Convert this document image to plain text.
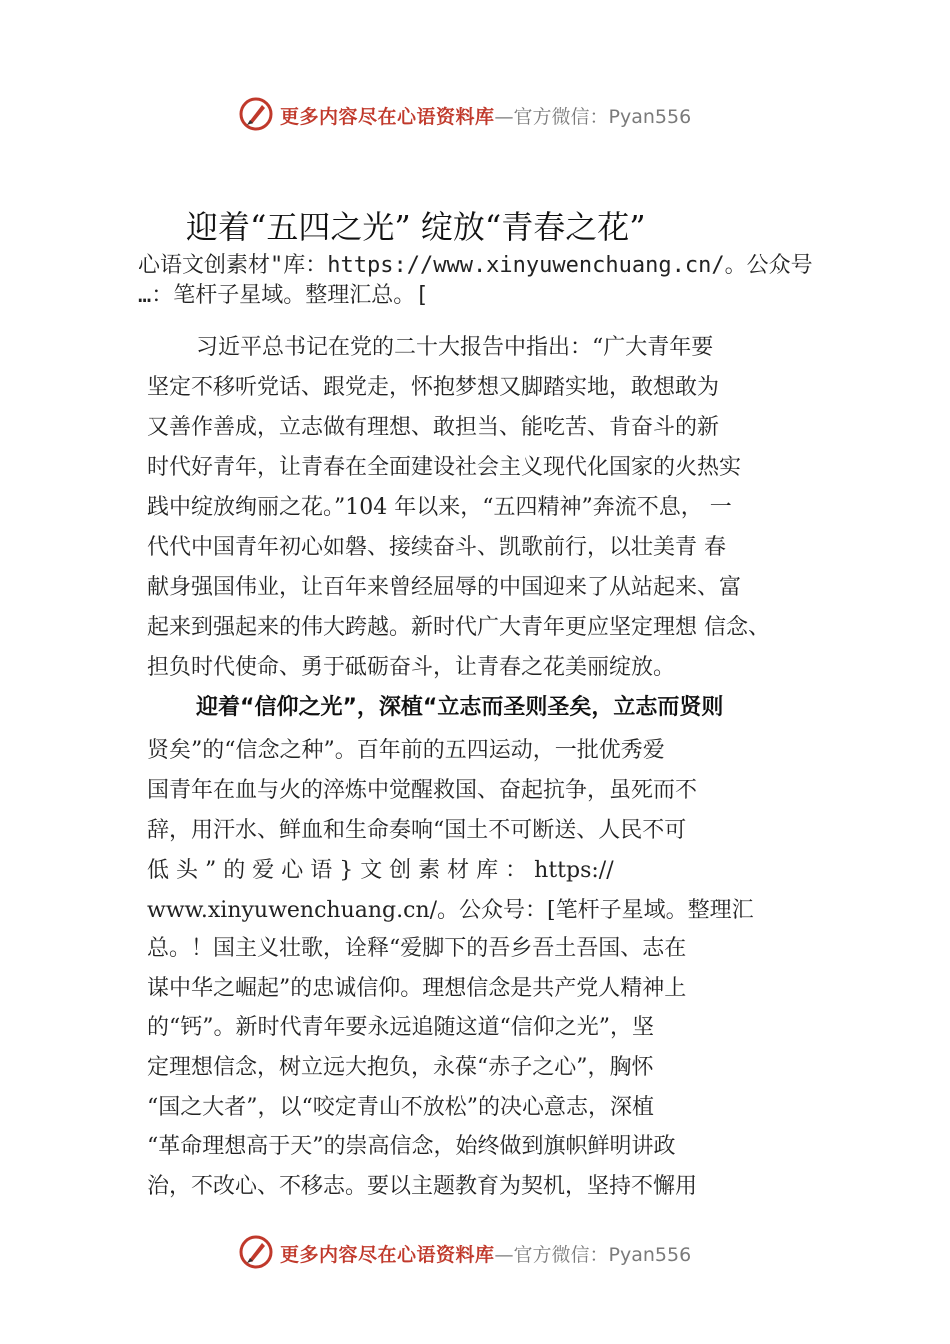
更多内容尽在心语资料库—官方微信：Pyan556
迎着“五四之光” 绽放“青春之花”
心语文创素材"库：https://www.xinyuwenchuang.cn/。公众号
…：笔杆子星域。整理汇总。[
习近平总书记在党的二十大报告中指出：“广大青年要
坚定不移听党话、跟党走，怀抱梦想又脚踏实地，敢想敢为
又善作善成，立志做有理想、敢担当、能吃苦、肯奋斗的新
时代好青年，让青春在全面建设社会主义现代化国家的火热实
践中绽放绚丽之花。”104 年以来，“五四精神”奔流不息， 一
代代中国青年初心如磐、接续奋斗、凯歌前行，以壮美青 春
献身强国伟业，让百年来曾经屈辱的中国迎来了从站起来、富
起来到强起来的伟大跨越。新时代广大青年更应坚定理想 信念、
担负时代使命、勇于砥砺奋斗，让青春之花美丽绽放。
迎着“信仰之光”，深植“立志而圣则圣矣，立志而贤则
贤矣”的“信念之种”。百年前的五四运动，一批优秀爱
国青年在血与火的淬炼中觉醒救国、奋起抗争，虽死而不
辞，用汗水、鲜血和生命奏响“国土不可断送、人民不可
低 头 ” 的 爱 心 语 } 文 创 素 材 库 ： https://
www.xinyuwenchuang.cn/。公众号：[笔杆子星域。整理汇
总。！国主义壮歌，诠释“爱脚下的吾乡吾土吾国、志在
谋中华之崛起”的忠诚信仰。理想信念是共产党人精神上
的“钙”。新时代青年要永远追随这道“信仰之光”，坚
定理想信念，树立远大抱负，永葆“赤子之心”，胸怀
“国之大者”，以“咬定青山不放松”的决心意志，深植
“革命理想高于天”的崇高信念，始终做到旗帜鲜明讲政
治，不改心、不移志。要以主题教育为契机，坚持不懈用
更多内容尽在心语资料库—官方微信：Pyan556
